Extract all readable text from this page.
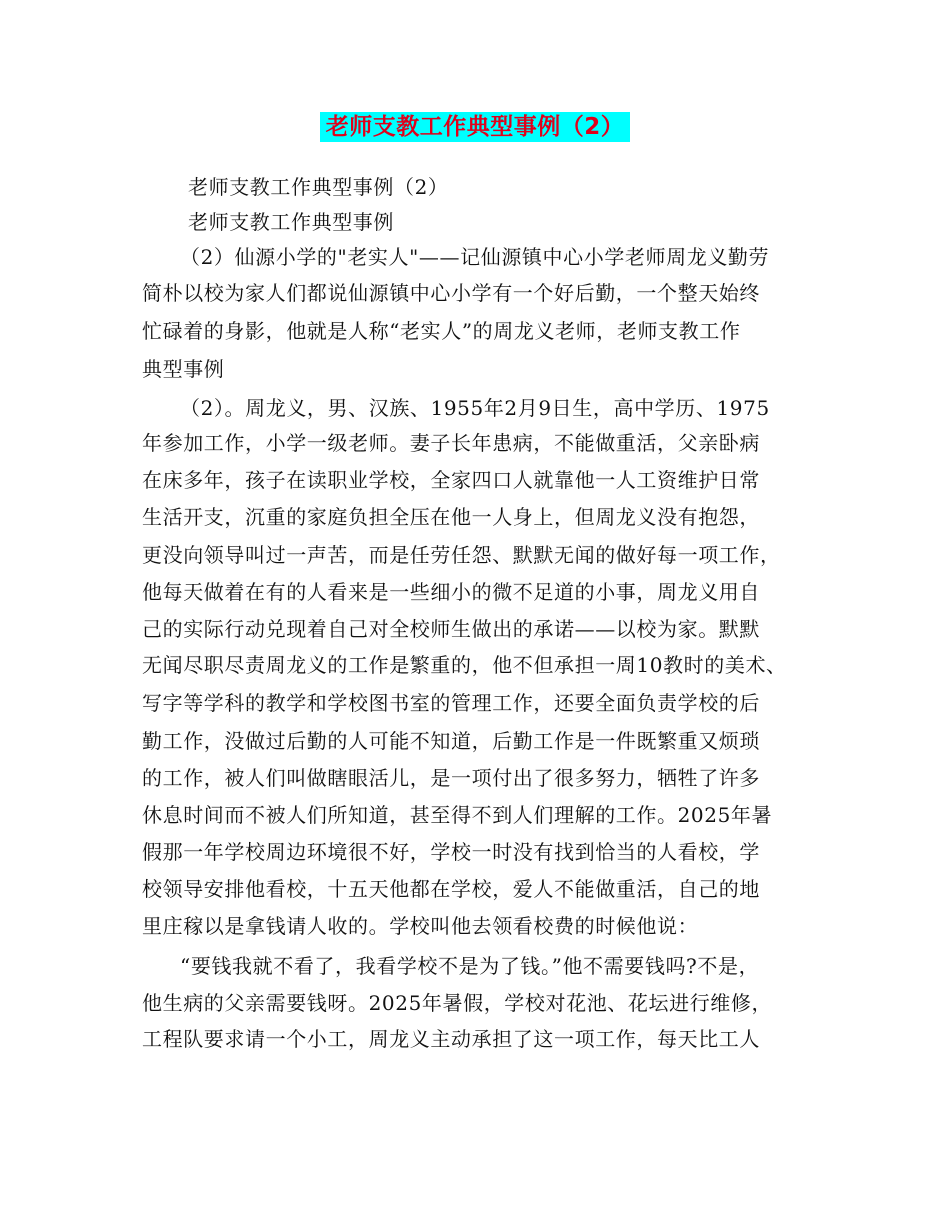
老师支教工作典型事例（2）
老师支教工作典型事例（2）
老师支教工作典型事例
（2）仙源小学的"老实人"——记仙源镇中心小学老师周龙义勤劳
简朴以校为家人们都说仙源镇中心小学有一个好后勤，一个整天始终
忙碌着的身影，他就是人称“老实人”的周龙义老师，老师支教工作
典型事例
（2）。周龙义，男、汉族、1955年2月9日生，高中学历、1975
年参加工作，小学一级老师。妻子长年患病，不能做重活，父亲卧病
在床多年，孩子在读职业学校，全家四口人就靠他一人工资维护日常
生活开支，沉重的家庭负担全压在他一人身上，但周龙义没有抱怨，
更没向领导叫过一声苦，而是任劳任怨、默默无闻的做好每一项工作，
他每天做着在有的人看来是一些细小的微不足道的小事，周龙义用自
己的实际行动兑现着自己对全校师生做出的承诺——以校为家。默默
无闻尽职尽责周龙义的工作是繁重的，他不但承担一周10教时的美术、
写字等学科的教学和学校图书室的管理工作，还要全面负责学校的后
勤工作，没做过后勤的人可能不知道，后勤工作是一件既繁重又烦琐
的工作，被人们叫做瞎眼活儿，是一项付出了很多努力，牺牲了许多
休息时间而不被人们所知道，甚至得不到人们理解的工作。2025年暑
假那一年学校周边环境很不好，学校一时没有找到恰当的人看校，学
校领导安排他看校，十五天他都在学校，爱人不能做重活，自己的地
里庄稼以是拿钱请人收的。学校叫他去领看校费的时候他说：
“要钱我就不看了，我看学校不是为了钱。”他不需要钱吗?不是，
他生病的父亲需要钱呀。2025年暑假，学校对花池、花坛进行维修，
工程队要求请一个小工，周龙义主动承担了这一项工作，每天比工人
